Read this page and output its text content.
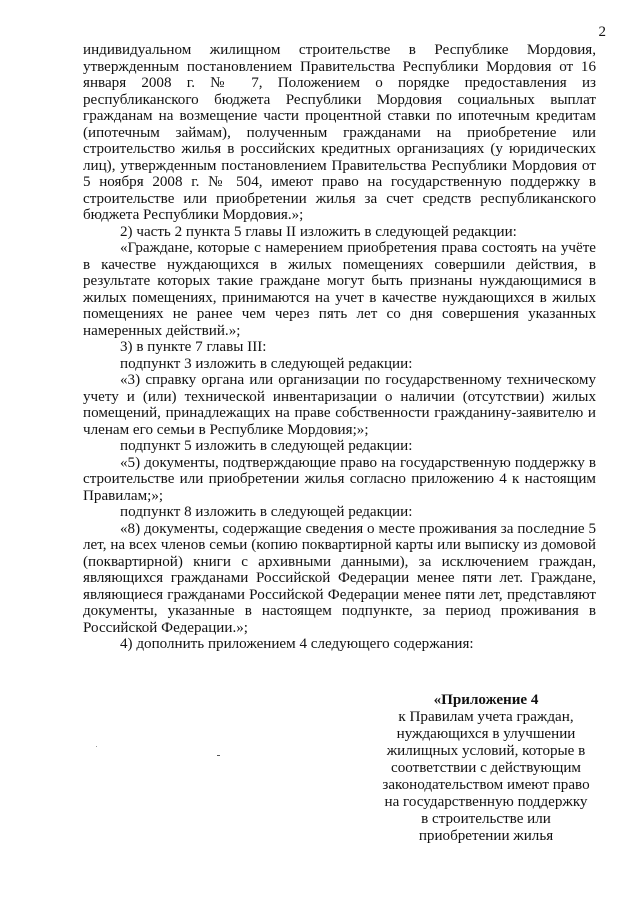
2

индивидуальном жилищном строительстве в Республике Мордовия, утвержденным постановлением Правительства Республики Мордовия от 16 января 2008 г. № 7, Положением о порядке предоставления из республиканского бюджета Республики Мордовия социальных выплат гражданам на возмещение части процентной ставки по ипотечным кредитам (ипотечным займам), полученным гражданами на приобретение или строительство жилья в российских кредитных организациях (у юридических лиц), утвержденным постановлением Правительства Республики Мордовия от 5 ноября 2008 г. № 504, имеют право на государственную поддержку в строительстве или приобретении жилья за счет средств республиканского бюджета Республики Мордовия.»;

2) часть 2 пункта 5 главы II изложить в следующей редакции:

«Граждане, которые с намерением приобретения права состоять на учёте в качестве нуждающихся в жилых помещениях совершили действия, в результате которых такие граждане могут быть признаны нуждающимися в жилых помещениях, принимаются на учет в качестве нуждающихся в жилых помещениях не ранее чем через пять лет со дня совершения указанных намеренных действий.»;

3) в пункте 7 главы III:

подпункт 3 изложить в следующей редакции:

«3) справку органа или организации по государственному техническому учету и (или) технической инвентаризации о наличии (отсутствии) жилых помещений, принадлежащих на праве собственности гражданину-заявителю и членам его семьи в Республике Мордовия;»;

подпункт 5 изложить в следующей редакции:

«5) документы, подтверждающие право на государственную поддержку в строительстве или приобретении жилья согласно приложению 4 к настоящим Правилам;»;

подпункт 8 изложить в следующей редакции:

«8) документы, содержащие сведения о месте проживания за последние 5 лет, на всех членов семьи (копию поквартирной карты или выписку из домовой (поквартирной) книги с архивными данными), за исключением граждан, являющихся гражданами Российской Федерации менее пяти лет. Граждане, являющиеся гражданами Российской Федерации менее пяти лет, представляют документы, указанные в настоящем подпункте, за период проживания в Российской Федерации.»;

4) дополнить приложением 4 следующего содержания:

«Приложение 4

к Правилам учета граждан, нуждающихся в улучшении жилищных условий, которые в соответствии с действующим законодательством имеют право на государственную поддержку в строительстве или приобретении жилья
